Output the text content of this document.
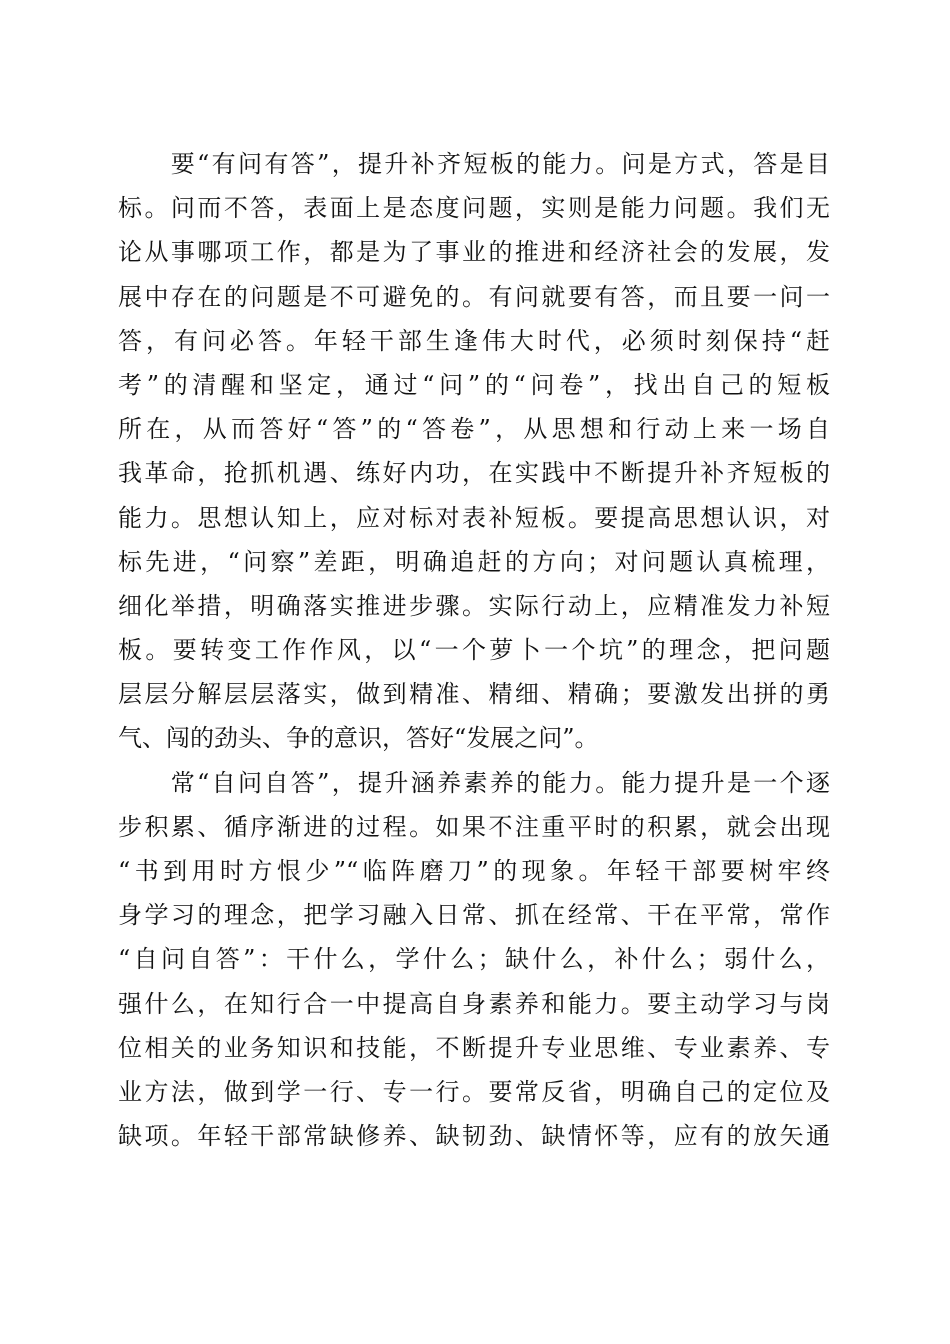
　　要“有问有答”，提升补齐短板的能力。问是方式，答是目
标。问而不答，表面上是态度问题，实则是能力问题。我们无
论从事哪项工作，都是为了事业的推进和经济社会的发展，发
展中存在的问题是不可避免的。有问就要有答，而且要一问一
答，有问必答。年轻干部生逢伟大时代，必须时刻保持“赶
考”的清醒和坚定，通过“问”的“问卷”，找出自己的短板
所在，从而答好“答”的“答卷”，从思想和行动上来一场自
我革命，抢抓机遇、练好内功，在实践中不断提升补齐短板的
能力。思想认知上，应对标对表补短板。要提高思想认识，对
标先进，“问察”差距，明确追赶的方向；对问题认真梳理，
细化举措，明确落实推进步骤。实际行动上，应精准发力补短
板。要转变工作作风，以“一个萝卜一个坑”的理念，把问题
层层分解层层落实，做到精准、精细、精确；要激发出拼的勇
气、闯的劲头、争的意识，答好“发展之问”。
　　常“自问自答”，提升涵养素养的能力。能力提升是一个逐
步积累、循序渐进的过程。如果不注重平时的积累，就会出现
“书到用时方恨少”“临阵磨刀”的现象。年轻干部要树牢终
身学习的理念，把学习融入日常、抓在经常、干在平常，常作
“自问自答”：干什么，学什么；缺什么，补什么；弱什么，
强什么，在知行合一中提高自身素养和能力。要主动学习与岗
位相关的业务知识和技能，不断提升专业思维、专业素养、专
业方法，做到学一行、专一行。要常反省，明确自己的定位及
缺项。年轻干部常缺修养、缺韧劲、缺情怀等，应有的放矢通
